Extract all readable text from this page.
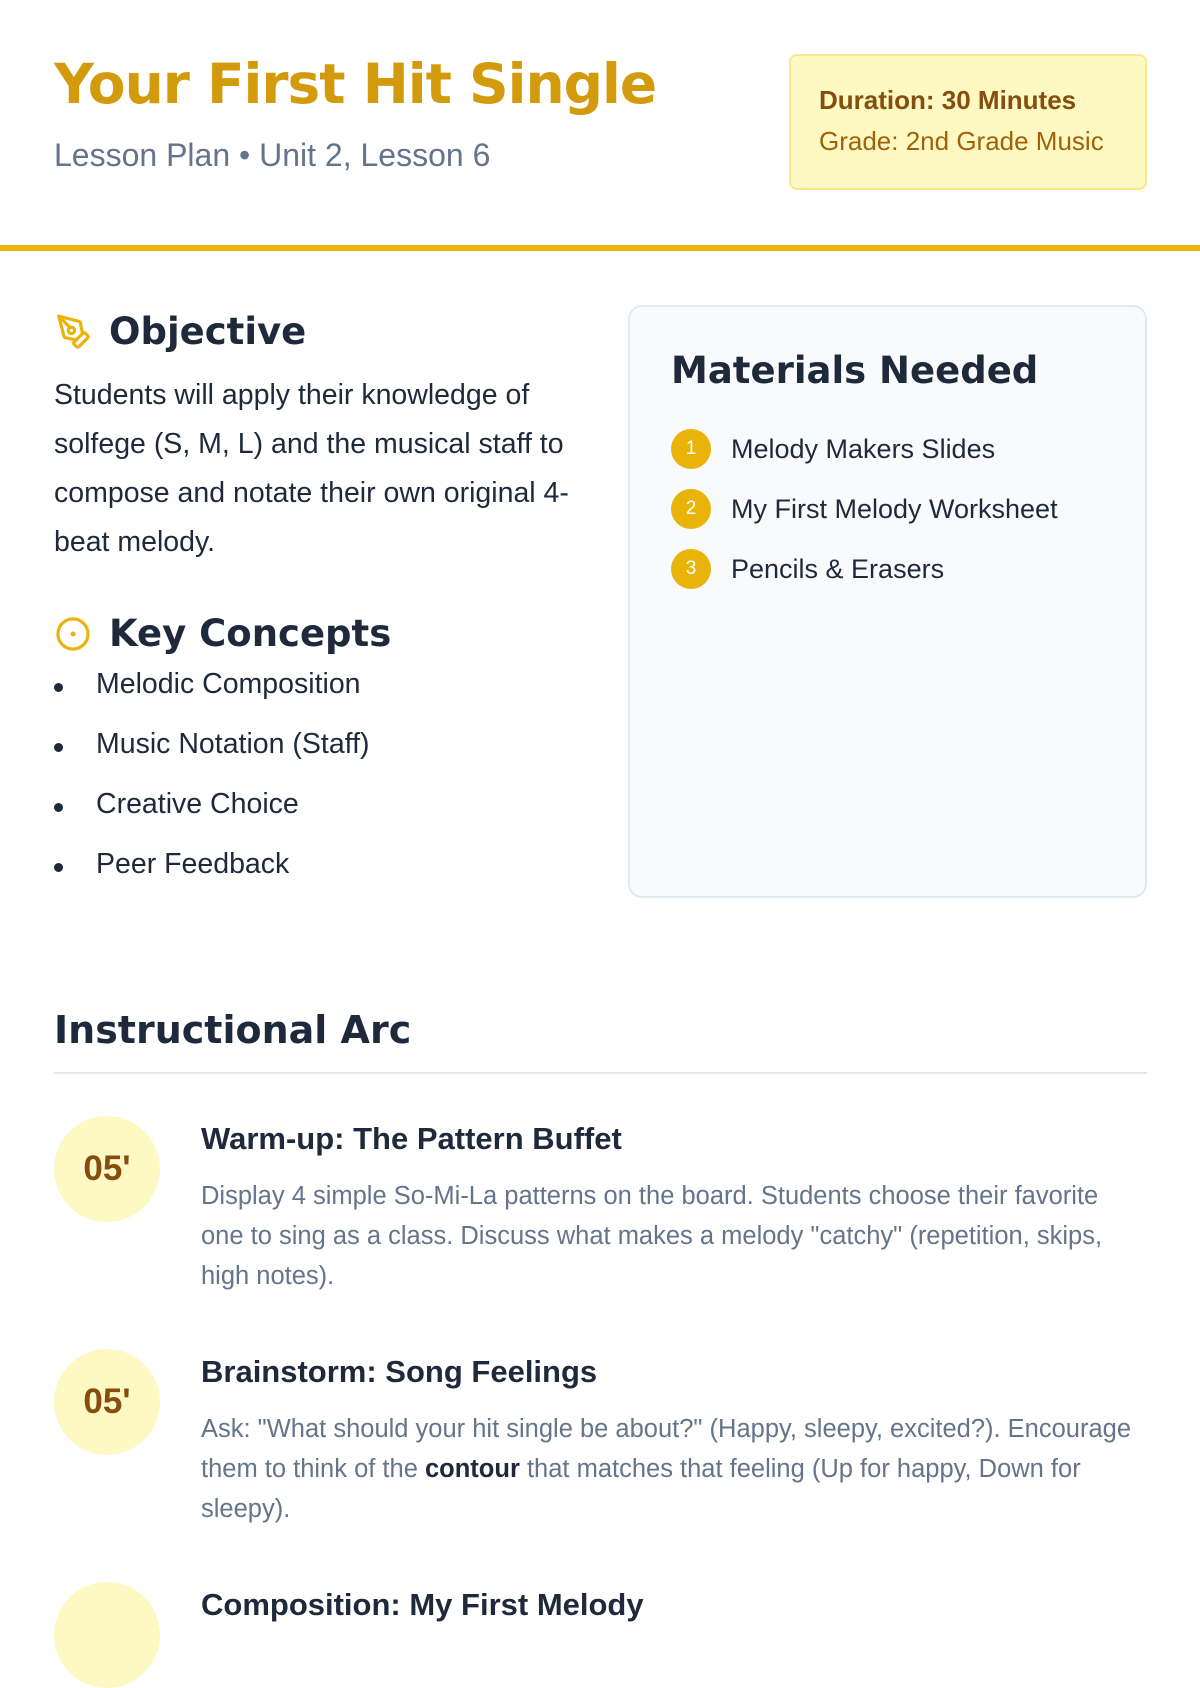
Your First Hit Single
Lesson Plan • Unit 2, Lesson 6
Duration: 30 Minutes
Grade: 2nd Grade Music
Objective

Students will apply their knowledge of solfege (S, M, L) and the musical staff to compose and notate their own original 4-beat melody.

Key Concepts
Melodic Composition
Music Notation (Staff)
Creative Choice
Peer Feedback
Materials Needed
1	Melody Makers Slides
2	My First Melody Worksheet
3	Pencils & Erasers
Instructional Arc
05'
Warm-up: The Pattern Buffet

Display 4 simple So-Mi-La patterns on the board. Students choose their favorite one to sing as a class. Discuss what makes a melody "catchy" (repetition, skips, high notes).

05'
Brainstorm: Song Feelings

Ask: "What should your hit single be about?" (Happy, sleepy, excited?). Encourage them to think of the contour that matches that feeling (Up for happy, Down for sleepy).

Composition: My First Melody
